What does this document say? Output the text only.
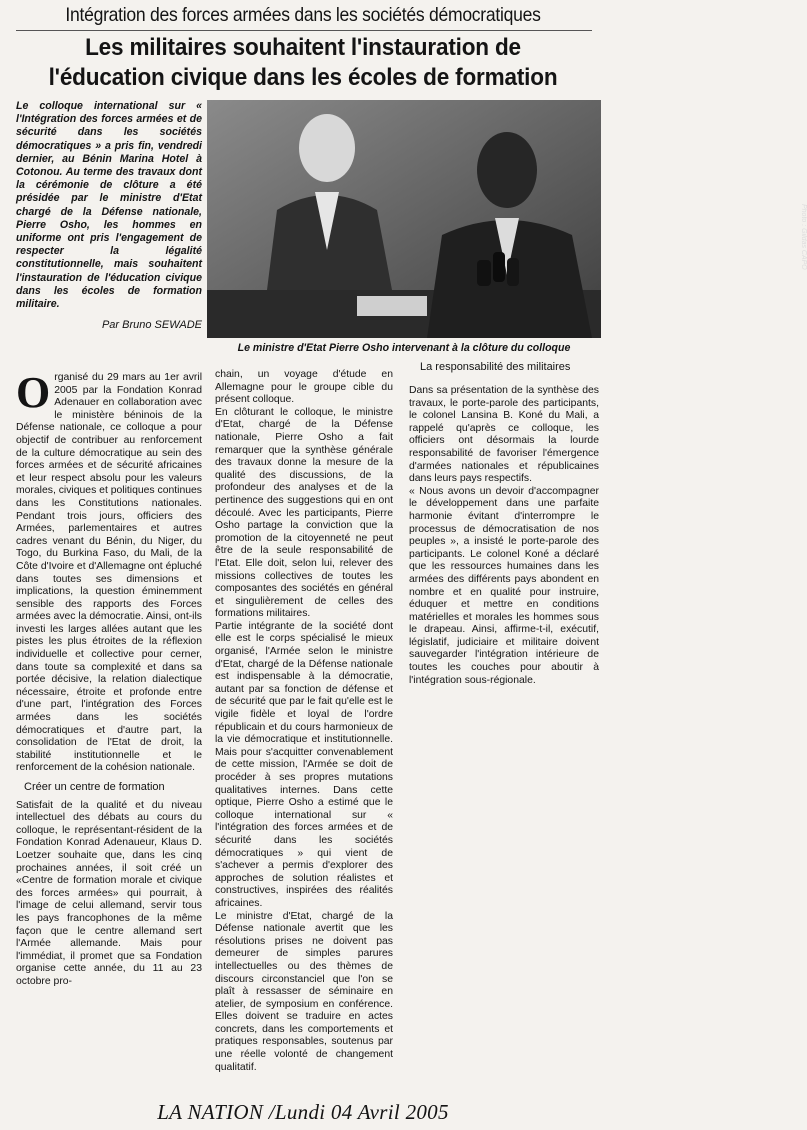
Intégration des forces armées dans les sociétés démocratiques
Les militaires souhaitent l'instauration de
l'éducation civique dans les écoles de formation
Le colloque international sur « l'Intégration des forces armées et de sécurité dans les sociétés démocratiques » a pris fin, vendredi dernier, au Bénin Marina Hotel à Cotonou. Au terme des travaux dont la cérémonie de clôture a été présidée par le ministre d'Etat chargé de la Défense nationale, Pierre Osho, les hommes en uniforme ont pris l'engagement de respecter la légalité constitutionnelle, mais souhaitent l'instauration de l'éducation civique dans les écoles de formation militaire.
Par Bruno SEWADE
Photo : Gildas CAPO
Le ministre d'Etat Pierre Osho intervenant à la clôture du colloque

Organisé du 29 mars au 1er avril 2005 par la Fondation Konrad Adenauer en collaboration avec le ministère béninois de la Défense nationale, ce colloque a pour objectif de contribuer au renforcement de la culture démocratique au sein des forces armées et de sécurité africaines et leur respect absolu pour les valeurs morales, civiques et politiques continues dans les Constitutions nationales. Pendant trois jours, officiers des Armées, parlementaires et autres cadres venant du Bénin, du Niger, du Togo, du Burkina Faso, du Mali, de la Côte d'Ivoire et d'Allemagne ont épluché dans toutes ses dimensions et implications, la question éminemment sensible des rapports des Forces armées avec la démocratie. Ainsi, ont-ils investi les larges allées autant que les pistes les plus étroites de la réflexion individuelle et collective pour cerner, dans toute sa complexité et dans sa portée décisive, la relation dialectique nécessaire, étroite et profonde entre d'une part, l'intégration des Forces armées dans les sociétés démocratiques et d'autre part, la consolidation de l'Etat de droit, la stabilité institutionnelle et le renforcement de la cohésion nationale.

Créer un centre de formation

Satisfait de la qualité et du niveau intellectuel des débats au cours du colloque, le représentant-résident de la Fondation Konrad Adenaueur, Klaus D. Loetzer souhaite que, dans les cinq prochaines années, il soit créé un «Centre de formation morale et civique des forces armées» qui pourrait, à l'image de celui allemand, servir tous les pays francophones de la même façon que le centre allemand sert l'Armée allemande. Mais pour l'immédiat, il promet que sa Fondation organise cette année, du 11 au 23 octobre pro-

chain, un voyage d'étude en Allemagne pour le groupe cible du présent colloque.

En clôturant le colloque, le ministre d'Etat, chargé de la Défense nationale, Pierre Osho a fait remarquer que la synthèse générale des travaux donne la mesure de la qualité des discussions, de la profondeur des analyses et de la pertinence des suggestions qui en ont découlé. Avec les participants, Pierre Osho partage la conviction que la promotion de la citoyenneté ne peut être de la seule responsabilité de l'Etat. Elle doit, selon lui, relever des missions collectives de toutes les composantes des sociétés en général et singulièrement de celles des formations militaires.

Partie intégrante de la société dont elle est le corps spécialisé le mieux organisé, l'Armée selon le ministre d'Etat, chargé de la Défense nationale est indispensable à la démocratie, autant par sa fonction de défense et de sécurité que par le fait qu'elle est le vigile fidèle et loyal de l'ordre républicain et du cours harmonieux de la vie démocratique et institutionnelle. Mais pour s'acquitter convenablement de cette mission, l'Armée se doit de procéder à ses propres mutations qualitatives internes. Dans cette optique, Pierre Osho a estimé que le colloque international sur « l'intégration des forces armées et de sécurité dans les sociétés démocratiques » qui vient de s'achever a permis d'explorer des approches de solution réalistes et constructives, inspirées des réalités africaines.

Le ministre d'Etat, chargé de la Défense nationale avertit que les résolutions prises ne doivent pas demeurer de simples parures intellectuelles ou des thèmes de discours circonstanciel que l'on se plaît à ressasser de séminaire en atelier, de symposium en conférence. Elles doivent se traduire en actes concrets, dans les comportements et pratiques responsables, soutenus par une réelle volonté de changement qualitatif.

La responsabilité des militaires

Dans sa présentation de la synthèse des travaux, le porte-parole des participants, le colonel Lansina B. Koné du Mali, a rappelé qu'après ce colloque, les officiers ont désormais la lourde responsabilité de favoriser l'émergence d'armées nationales et républicaines dans leurs pays respectifs.

« Nous avons un devoir d'accompagner le développement dans une parfaite harmonie évitant d'interrompre le processus de démocratisation de nos peuples », a insisté le porte-parole des participants. Le colonel Koné a déclaré que les ressources humaines dans les armées des différents pays abondent en nombre et en qualité pour instruire, éduquer et mettre en conditions matérielles et morales les hommes sous le drapeau. Ainsi, affirme-t-il, exécutif, législatif, judiciaire et militaire doivent sauvegarder l'intégration intérieure de toutes les couches pour aboutir à l'intégration sous-régionale.

LA NATION /Lundi 04 Avril 2005
